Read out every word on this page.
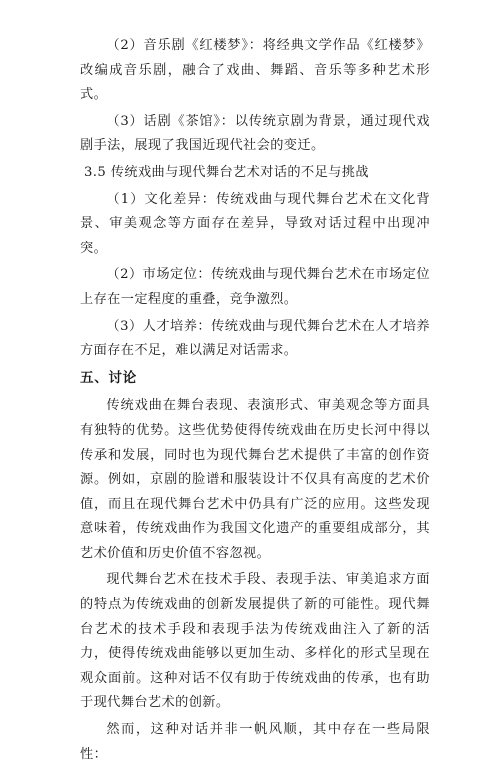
（2）音乐剧《红楼梦》：将经典文学作品《红楼梦》改编成音乐剧，融合了戏曲、舞蹈、音乐等多种艺术形式。

（3）话剧《茶馆》：以传统京剧为背景，通过现代戏剧手法，展现了我国近现代社会的变迁。

3.5 传统戏曲与现代舞台艺术对话的不足与挑战

（1）文化差异：传统戏曲与现代舞台艺术在文化背景、审美观念等方面存在差异，导致对话过程中出现冲突。

（2）市场定位：传统戏曲与现代舞台艺术在市场定位上存在一定程度的重叠，竞争激烈。

（3）人才培养：传统戏曲与现代舞台艺术在人才培养方面存在不足，难以满足对话需求。

五、讨论

传统戏曲在舞台表现、表演形式、审美观念等方面具有独特的优势。这些优势使得传统戏曲在历史长河中得以传承和发展，同时也为现代舞台艺术提供了丰富的创作资源。例如，京剧的脸谱和服装设计不仅具有高度的艺术价值，而且在现代舞台艺术中仍具有广泛的应用。这些发现意味着，传统戏曲作为我国文化遗产的重要组成部分，其艺术价值和历史价值不容忽视。

现代舞台艺术在技术手段、表现手法、审美追求方面的特点为传统戏曲的创新发展提供了新的可能性。现代舞台艺术的技术手段和表现手法为传统戏曲注入了新的活力，使得传统戏曲能够以更加生动、多样化的形式呈现在观众面前。这种对话不仅有助于传统戏曲的传承，也有助于现代舞台艺术的创新。

然而，这种对话并非一帆风顺，其中存在一些局限性：
